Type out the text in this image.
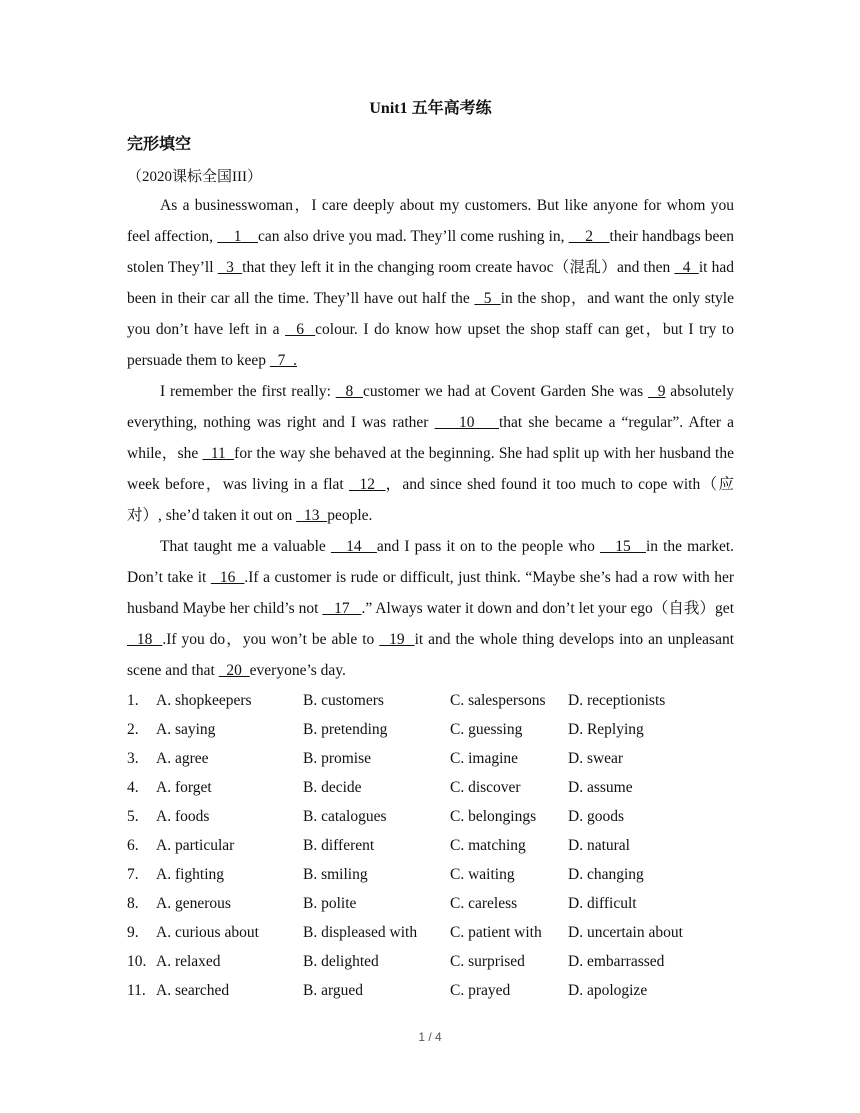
Unit1 五年高考练
完形填空
（2020课标全国III）

As a businesswoman，I care deeply about my customers. But like anyone for whom you feel affection,     1    can also drive you mad. They’ll come rushing in,     2    their handbags been stolen They’ll   3  that they left it in the changing room create havoc（混乱）and then   4  it had been in their car all the time. They’ll have out half the   5  in the shop，and want the only style you don’t have left in a   6  colour. I do know how upset the shop staff can get，but I try to persuade them to keep   7  .

I remember the first really:   8  customer we had at Covent Garden She was   9 absolutely everything, nothing was right and I was rather     10    that she became a “regular”. After a while，she   11  for the way she behaved at the beginning. She had split up with her husband the week before，was living in a flat   12  ，and since shed found it too much to cope with（应对）, she’d taken it out on   13  people.

That taught me a valuable    14   and I pass it on to the people who    15   in the market. Don’t take it   16  .If a customer is rude or difficult, just think. “Maybe she’s had a row with her husband Maybe her child’s not    17   .” Always water it down and don’t let your ego（自我）get   18  .If you do，you won’t be able to   19  it and the whole thing develops into an unpleasant scene and that   20  everyone’s day.

1.	A. shopkeepers	B. customers	C. salespersons	D. receptionists
2.	A. saying	B. pretending	C. guessing	D. Replying
3.	A. agree	B. promise	C. imagine	D. swear
4.	A. forget	B. decide	C. discover	D. assume
5.	A. foods	B. catalogues	C. belongings	D. goods
6.	A. particular	B. different	C. matching	D. natural
7.	A. fighting	B. smiling	C. waiting	D. changing
8.	A. generous	B. polite	C. careless	D. difficult
9.	A. curious about	B. displeased with	C. patient with	D. uncertain about
10. A. relaxed	B. delighted	C. surprised	D. embarrassed
11. A. searched	B. argued	C. prayed	D. apologize
1 / 4
